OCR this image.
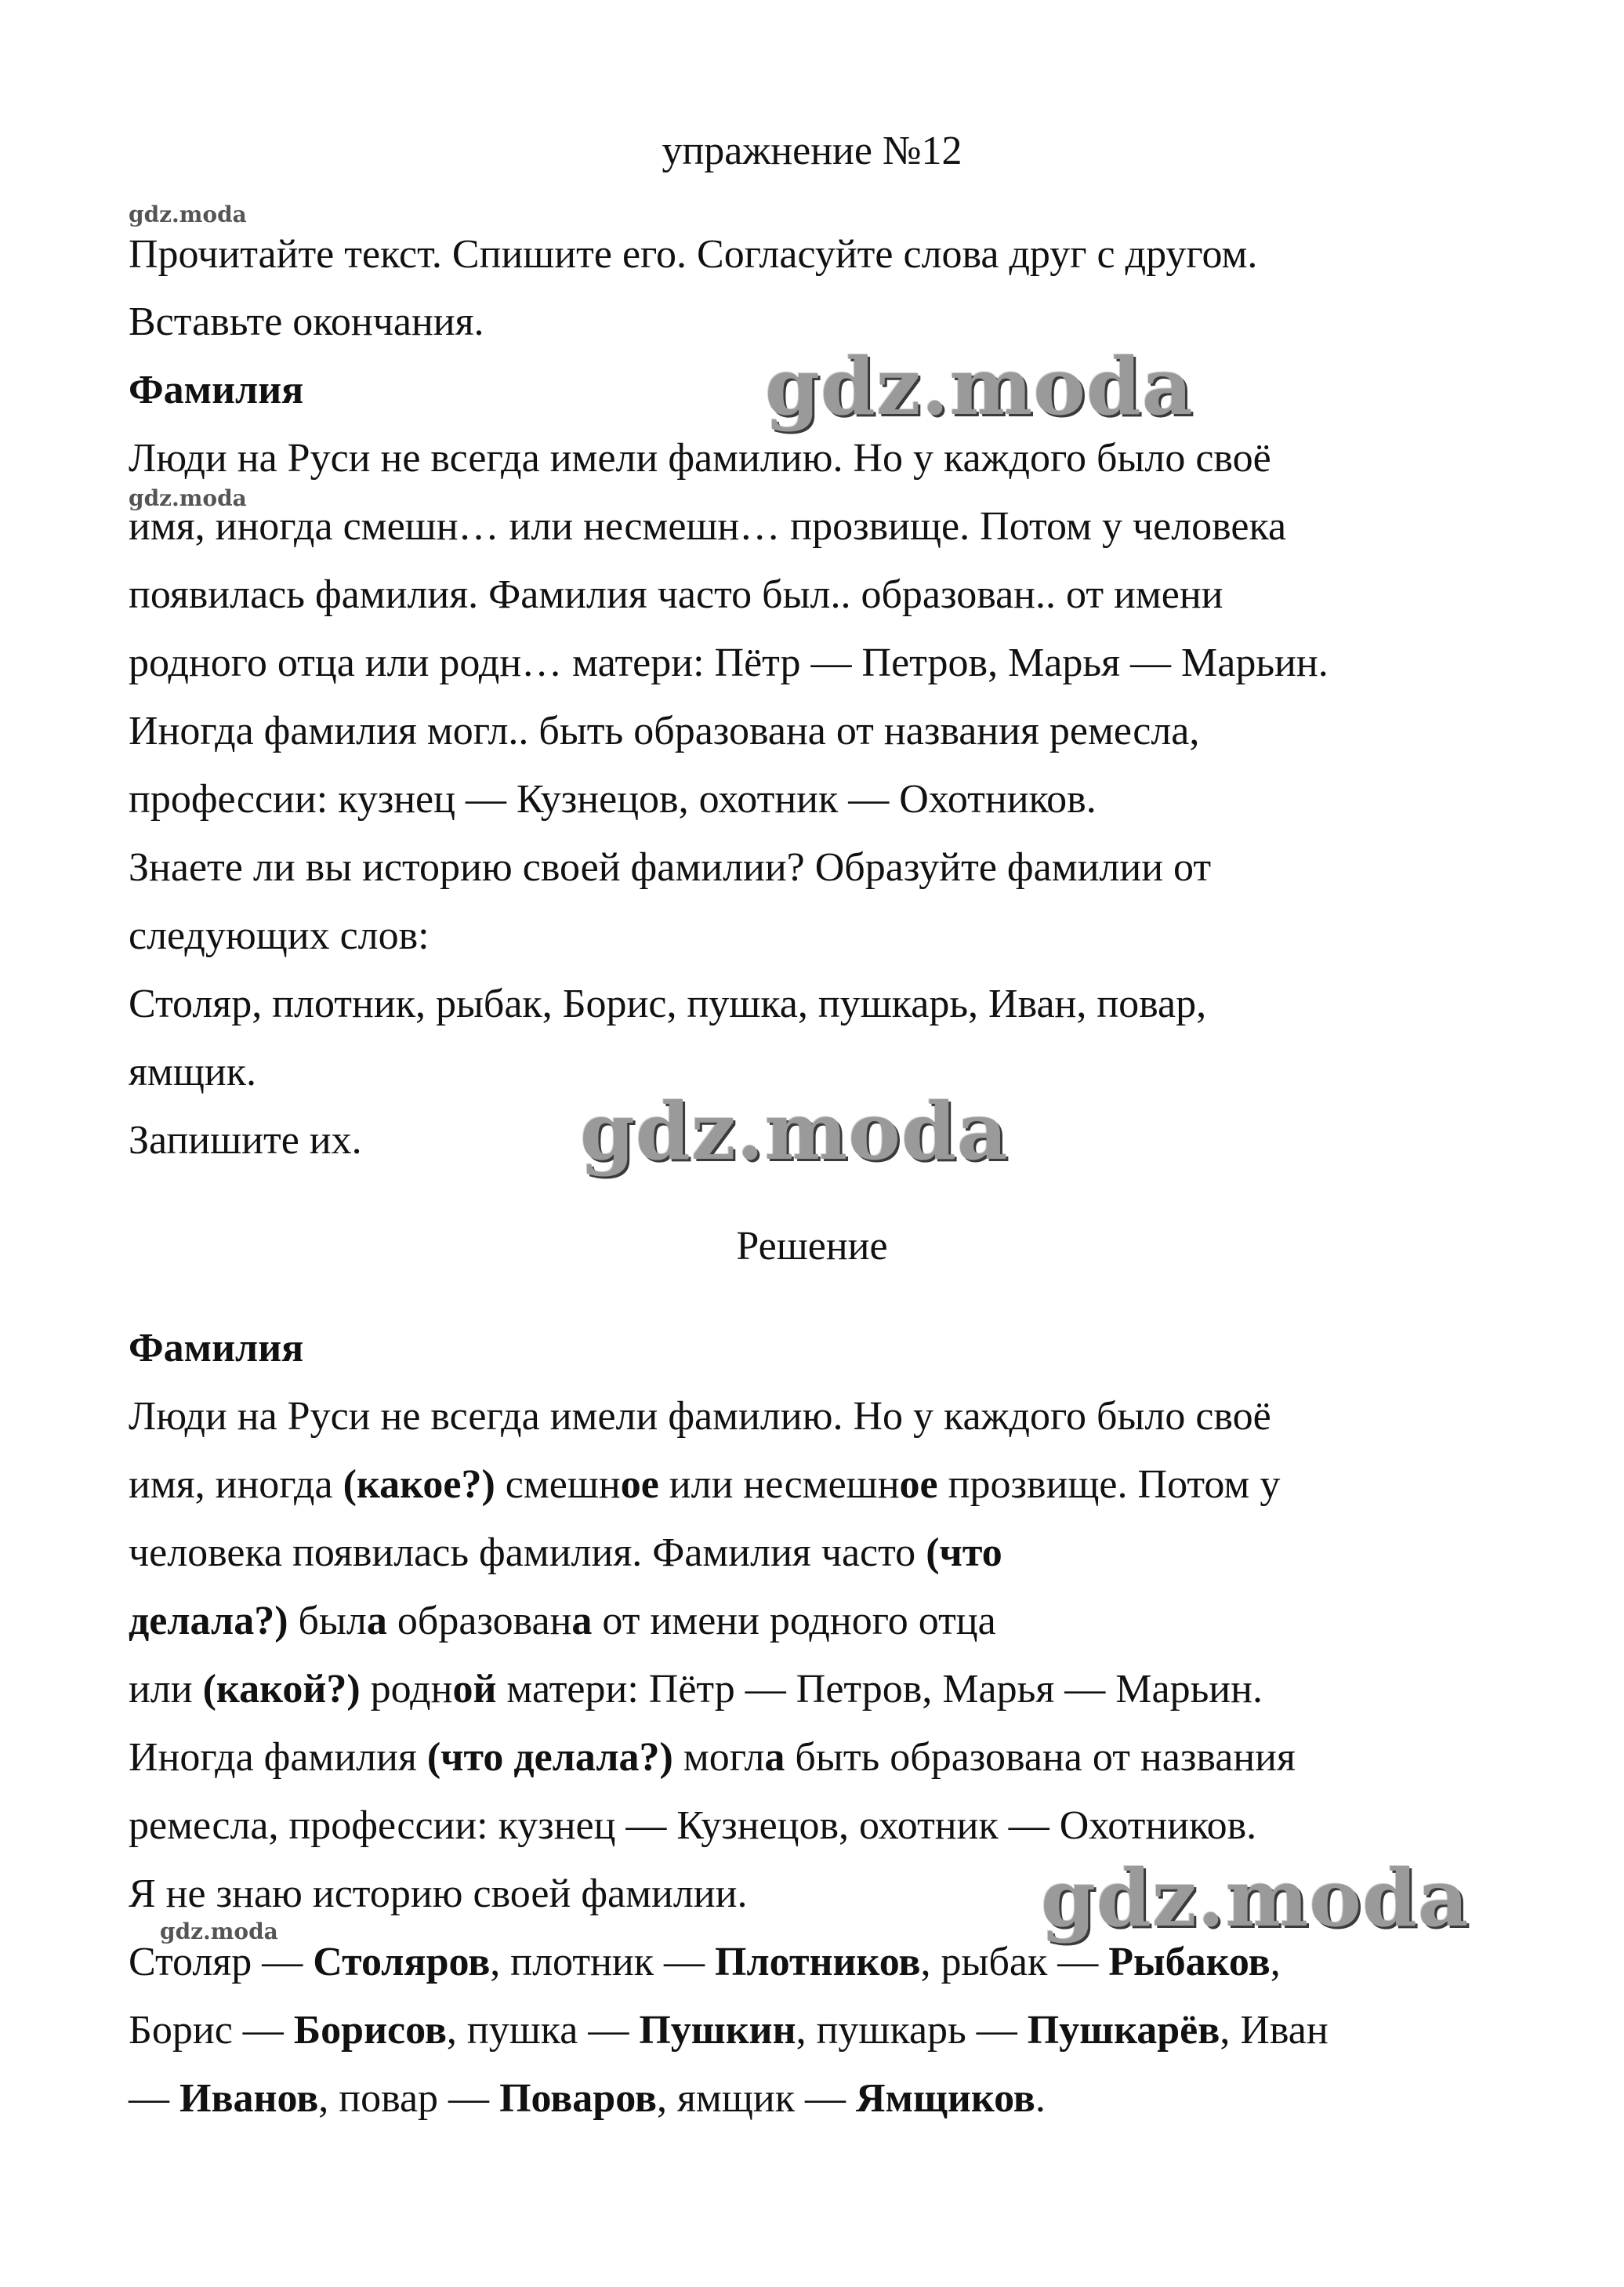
упражнение №12
Прочитайте текст. Спишите его. Согласуйте слова друг с другом.
Вставьте окончания.
Фамилия
Люди на Руси не всегда имели фамилию. Но у каждого было своё
имя, иногда смешн… или несмешн… прозвище. Потом у человека
появилась фамилия. Фамилия часто был.. образован.. от имени
родного отца или родн… матери: Пётр — Петров, Марья — Марьин.
Иногда фамилия могл.. быть образована от названия ремесла,
профессии: кузнец — Кузнецов, охотник — Охотников.
Знаете ли вы историю своей фамилии? Образуйте фамилии от
следующих слов:
Столяр, плотник, рыбак, Борис, пушка, пушкарь, Иван, повар,
ямщик.
Запишите их.
Решение
Фамилия
Люди на Руси не всегда имели фамилию. Но у каждого было своё
имя, иногда (какое?) смешное или несмешное прозвище. Потом у
человека появилась фамилия. Фамилия часто (что
делала?) была образована от имени родного отца
или (какой?) родной матери: Пётр — Петров, Марья — Марьин.
Иногда фамилия (что делала?) могла быть образована от названия
ремесла, профессии: кузнец — Кузнецов, охотник — Охотников.
Я не знаю историю своей фамилии.
Столяр — Столяров, плотник — Плотников, рыбак — Рыбаков,
Борис — Борисов, пушка — Пушкин, пушкарь — Пушкарёв, Иван
— Иванов, повар — Поваров, ямщик — Ямщиков.
gdz.moda
gdz.moda
gdz.moda
gdz.moda
gdz.moda
gdz.moda
